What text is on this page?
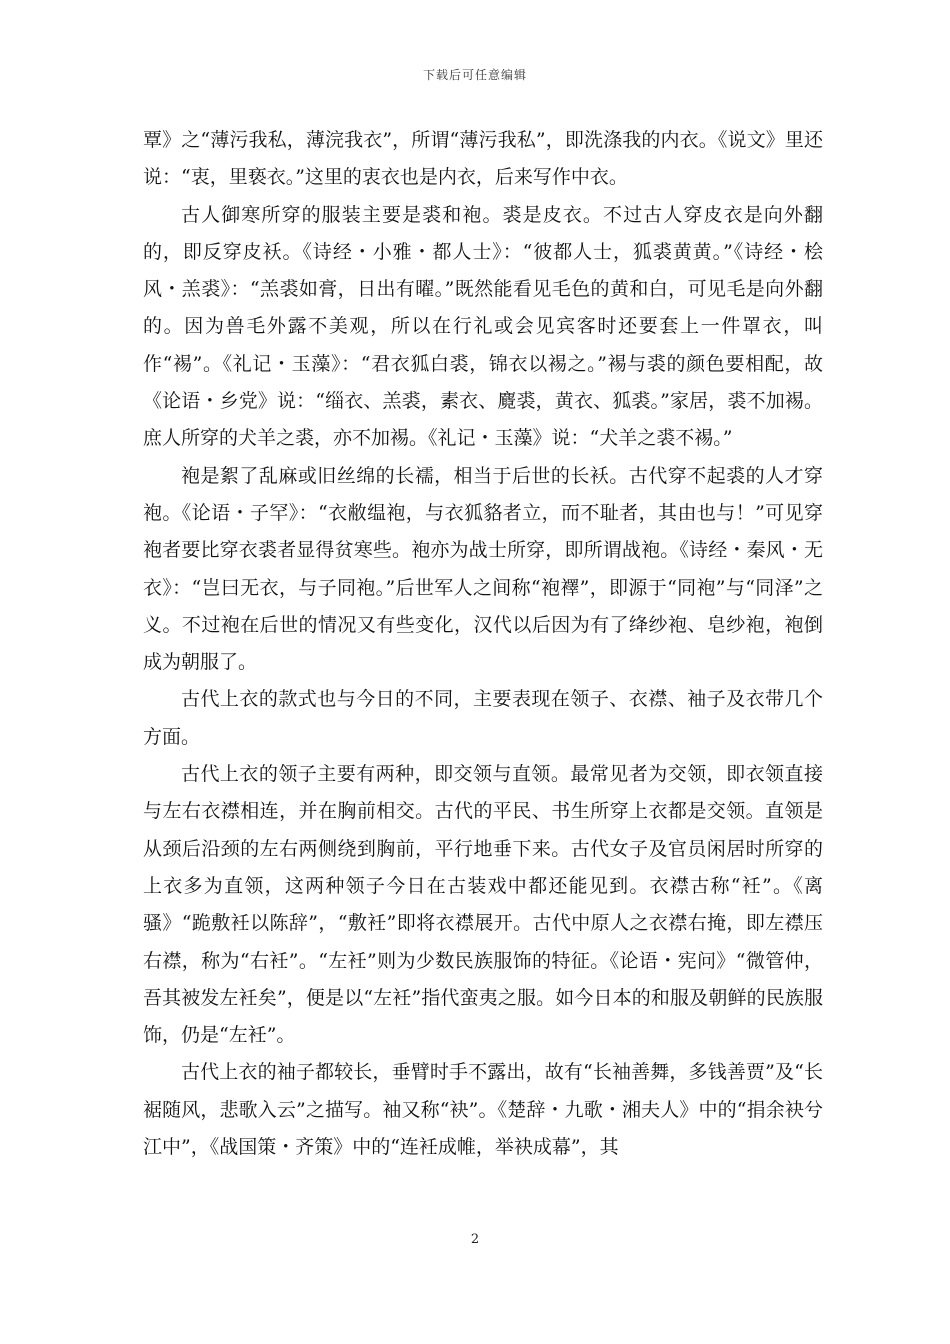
下载后可任意编辑

覃》之“薄污我私，薄浣我衣”，所谓“薄污我私”，即洗涤我的内衣。《说文》里还说：“衷，里亵衣。”这里的衷衣也是内衣，后来写作中衣。

古人御寒所穿的服装主要是裘和袍。裘是皮衣。不过古人穿皮衣是向外翻的，即反穿皮袄。《诗经・小雅・都人士》：“彼都人士，狐裘黄黄。”《诗经・桧风・羔裘》：“羔裘如膏，日出有曜。”既然能看见毛色的黄和白，可见毛是向外翻的。因为兽毛外露不美观，所以在行礼或会见宾客时还要套上一件罩衣，叫作“裼”。《礼记・玉藻》：“君衣狐白裘，锦衣以裼之。”裼与裘的颜色要相配，故《论语・乡党》说：“缁衣、羔裘，素衣、麑裘，黄衣、狐裘。”家居，裘不加裼。庶人所穿的犬羊之裘，亦不加裼。《礼记・玉藻》说：“犬羊之裘不裼。”

袍是絮了乱麻或旧丝绵的长襦，相当于后世的长袄。古代穿不起裘的人才穿袍。《论语・子罕》：“衣敝缊袍，与衣狐貉者立，而不耻者，其由也与！”可见穿袍者要比穿衣裘者显得贫寒些。袍亦为战士所穿，即所谓战袍。《诗经・秦风・无衣》：“岂曰无衣，与子同袍。”后世军人之间称“袍襗”，即源于“同袍”与“同泽”之义。不过袍在后世的情况又有些变化，汉代以后因为有了绛纱袍、皂纱袍，袍倒成为朝服了。

古代上衣的款式也与今日的不同，主要表现在领子、衣襟、袖子及衣带几个方面。

古代上衣的领子主要有两种，即交领与直领。最常见者为交领，即衣领直接与左右衣襟相连，并在胸前相交。古代的平民、书生所穿上衣都是交领。直领是从颈后沿颈的左右两侧绕到胸前，平行地垂下来。古代女子及官员闲居时所穿的上衣多为直领，这两种领子今日在古装戏中都还能见到。衣襟古称“衽”。《离骚》“跪敷衽以陈辞”，“敷衽”即将衣襟展开。古代中原人之衣襟右掩，即左襟压右襟，称为“右衽”。“左衽”则为少数民族服饰的特征。《论语・宪问》“微管仲，吾其被发左衽矣”，便是以“左衽”指代蛮夷之服。如今日本的和服及朝鲜的民族服饰，仍是“左衽”。

古代上衣的袖子都较长，垂臂时手不露出，故有“长袖善舞，多钱善贾”及“长裾随风，悲歌入云”之描写。袖又称“袂”。《楚辞・九歌・湘夫人》中的“捐余袂兮江中”，《战国策・齐策》中的“连衽成帷，举袂成幕”，其

2
